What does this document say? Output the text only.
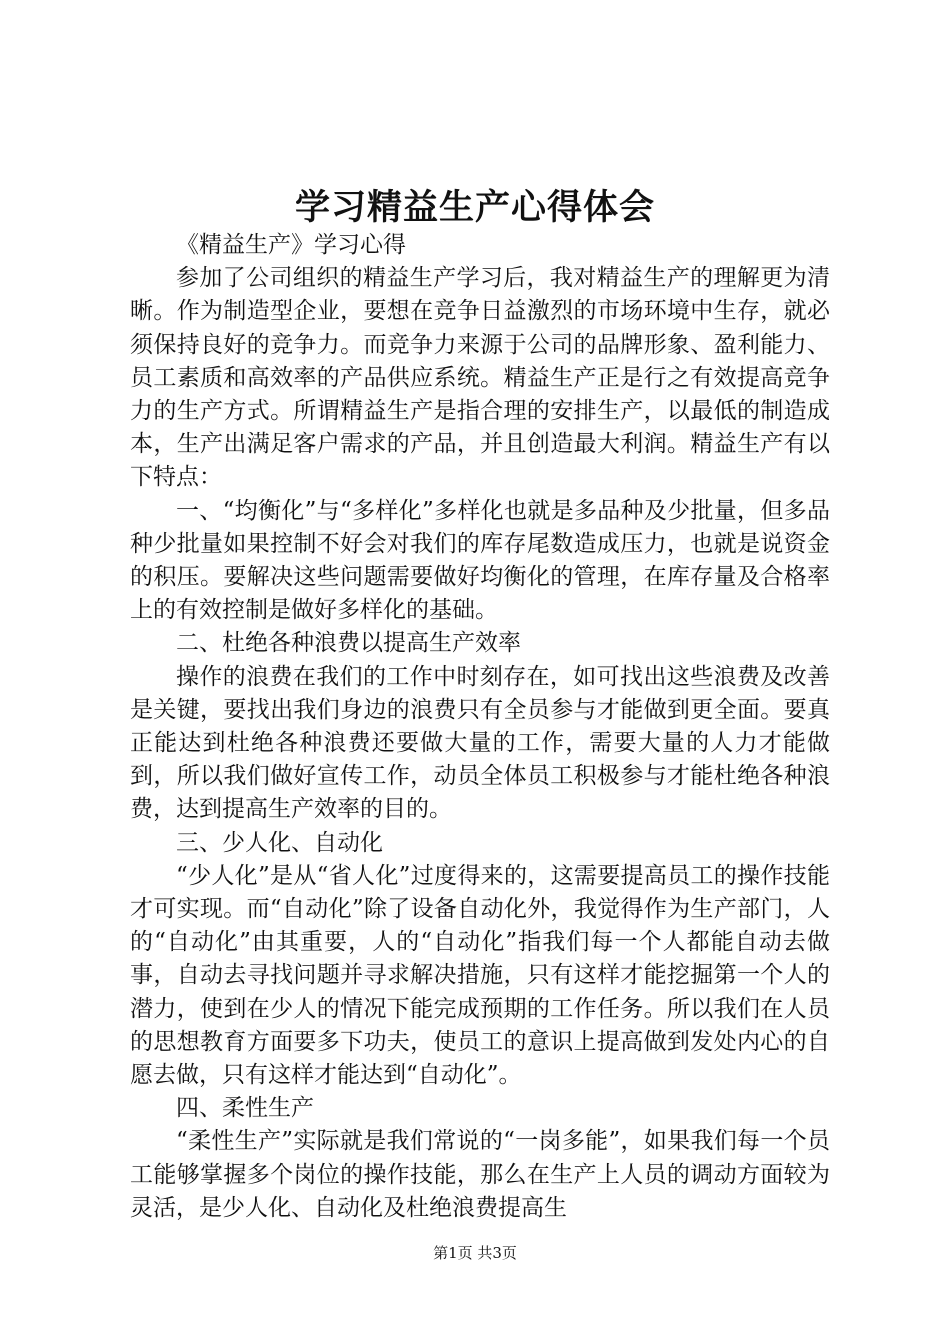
学习精益生产心得体会

《精益生产》学习心得

参加了公司组织的精益生产学习后，我对精益生产的理解更为清晰。作为制造型企业，要想在竞争日益激烈的市场环境中生存，就必须保持良好的竞争力。而竞争力来源于公司的品牌形象、盈利能力、员工素质和高效率的产品供应系统。精益生产正是行之有效提高竞争力的生产方式。所谓精益生产是指合理的安排生产，以最低的制造成本，生产出满足客户需求的产品，并且创造最大利润。精益生产有以下特点：

一、“均衡化”与“多样化”多样化也就是多品种及少批量，但多品种少批量如果控制不好会对我们的库存尾数造成压力，也就是说资金的积压。要解决这些问题需要做好均衡化的管理，在库存量及合格率上的有效控制是做好多样化的基础。

二、杜绝各种浪费以提高生产效率

操作的浪费在我们的工作中时刻存在，如可找出这些浪费及改善是关键，要找出我们身边的浪费只有全员参与才能做到更全面。要真正能达到杜绝各种浪费还要做大量的工作，需要大量的人力才能做到，所以我们做好宣传工作，动员全体员工积极参与才能杜绝各种浪费，达到提高生产效率的目的。

三、少人化、自动化

“少人化”是从“省人化”过度得来的，这需要提高员工的操作技能才可实现。而“自动化”除了设备自动化外，我觉得作为生产部门，人的“自动化”由其重要，人的“自动化”指我们每一个人都能自动去做事，自动去寻找问题并寻求解决措施，只有这样才能挖掘第一个人的潜力，使到在少人的情况下能完成预期的工作任务。所以我们在人员的思想教育方面要多下功夫，使员工的意识上提高做到发处内心的自愿去做，只有这样才能达到“自动化”。

四、柔性生产

“柔性生产”实际就是我们常说的“一岗多能”，如果我们每一个员工能够掌握多个岗位的操作技能，那么在生产上人员的调动方面较为灵活，是少人化、自动化及杜绝浪费提高生

第1页 共3页
